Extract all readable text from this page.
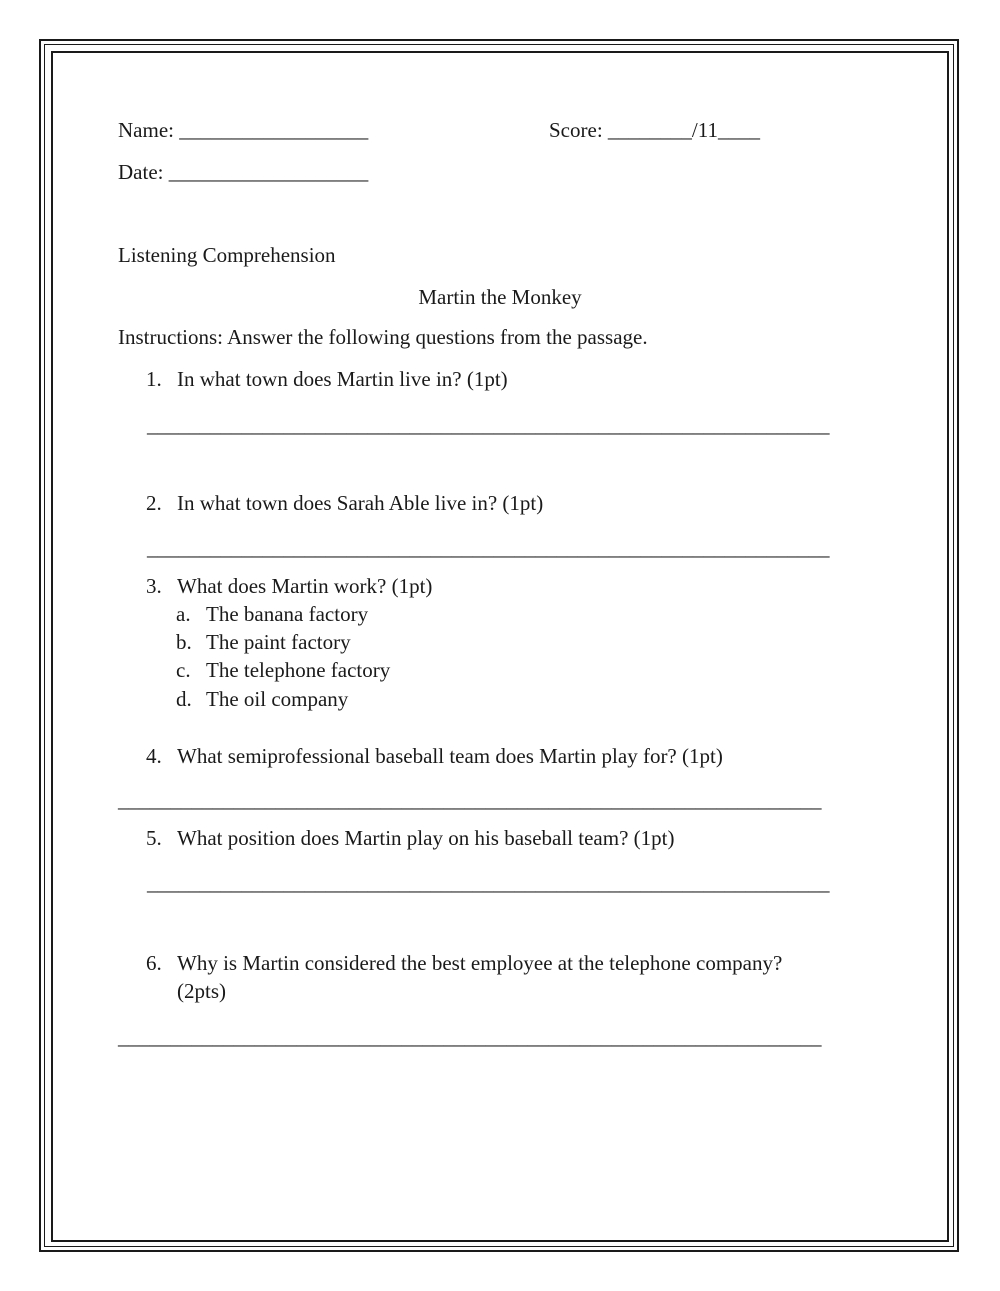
Name: __________________	Score: ________/11____
Date: ___________________
Listening Comprehension
Martin the Monkey
Instructions: Answer the following questions from the passage.
1. In what town does Martin live in? (1pt)
_________________________________________________________________
2. In what town does Sarah Able live in? (1pt)
_________________________________________________________________
3. What does Martin work? (1pt)
a. The banana factory
b. The paint factory
c. The telephone factory
d. The oil company
4. What semiprofessional baseball team does Martin play for? (1pt)
___________________________________________________________________
5. What position does Martin play on his baseball team? (1pt)
_________________________________________________________________
6. Why is Martin considered the best employee at the telephone company?
(2pts)
___________________________________________________________________
